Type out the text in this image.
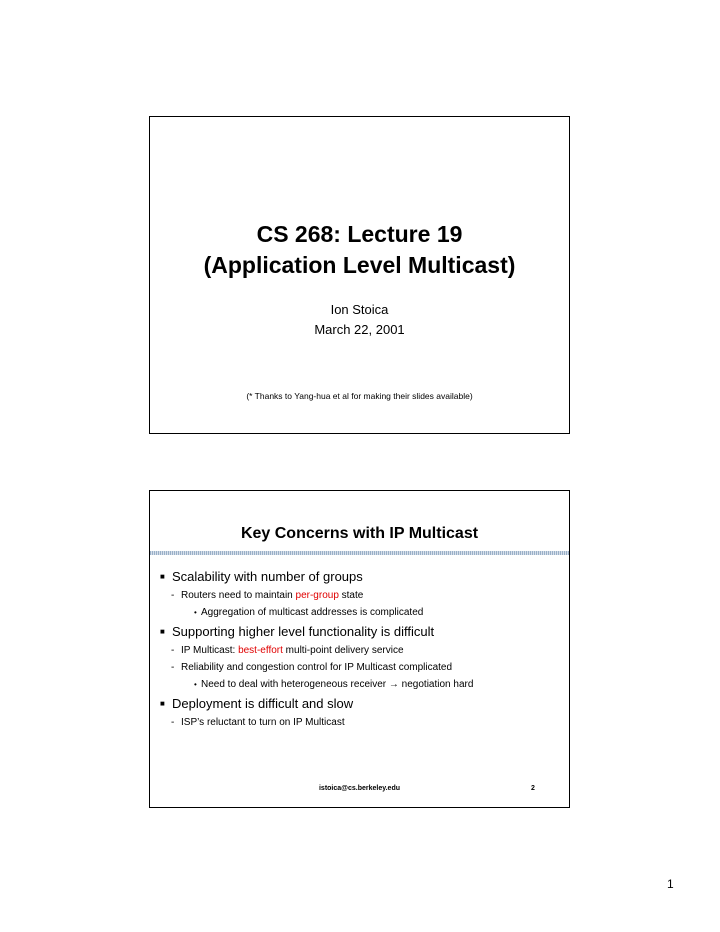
CS 268: Lecture 19
(Application Level Multicast)
Ion Stoica
March 22, 2001
(* Thanks to Yang-hua et al for making their slides available)
Key Concerns with IP Multicast
■ Scalability with number of groups
- Routers need to maintain per-group state
• Aggregation of multicast addresses is complicated
■ Supporting higher level functionality is difficult
- IP Multicast: best-effort multi-point delivery service
- Reliability and congestion control for IP Multicast complicated
• Need to deal with heterogeneous receiver → negotiation hard
■ Deployment is difficult and slow
- ISP’s reluctant to turn on IP Multicast
istoica@cs.berkeley.edu	2
1
